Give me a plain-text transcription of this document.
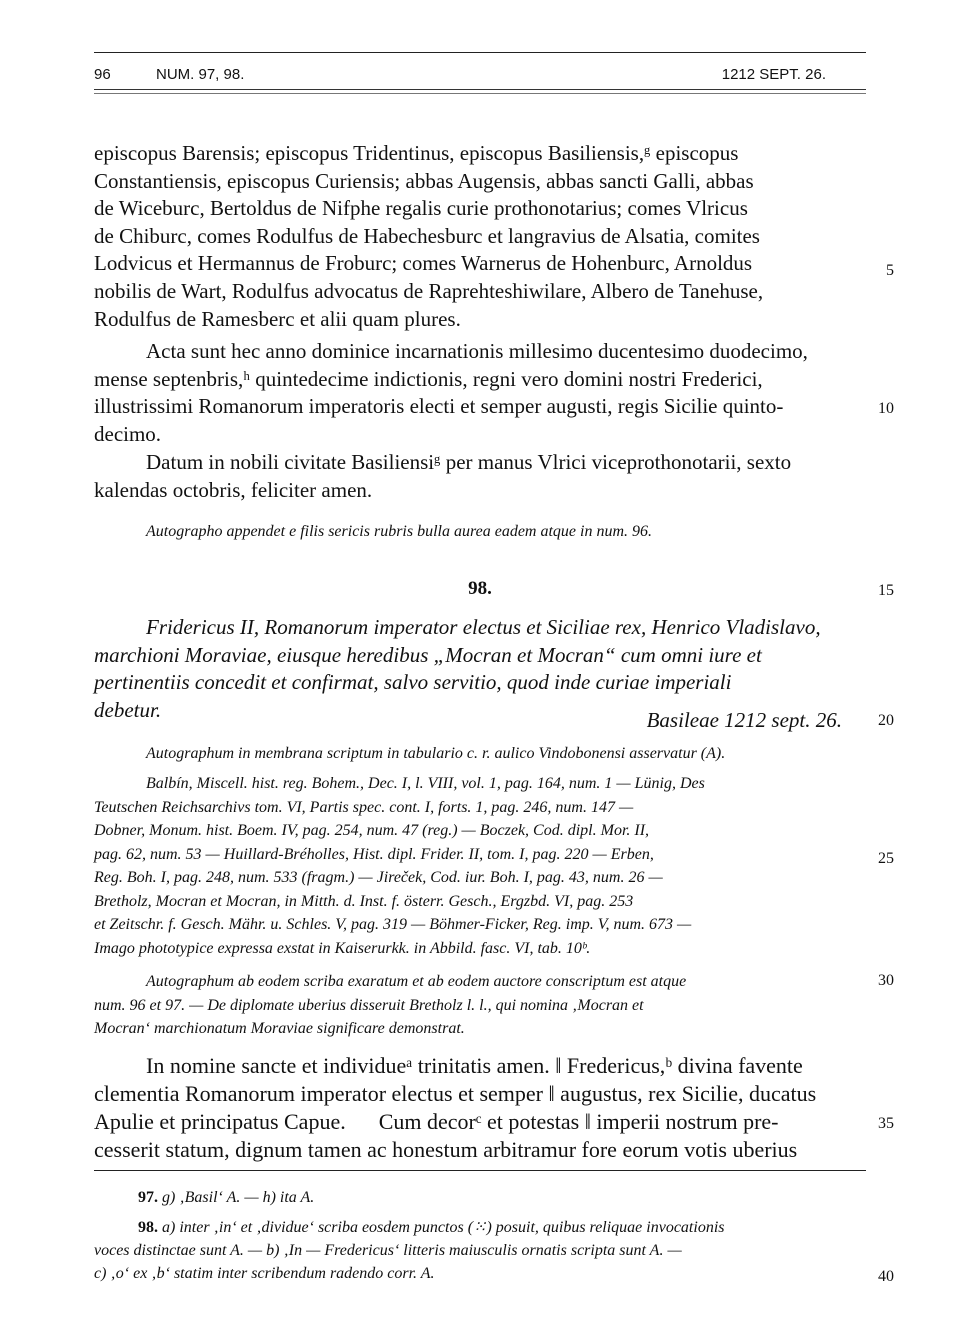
96	NUM. 97, 98.	1212 SEPT. 26.

episcopus Barensis; episcopus Tridentinus, episcopus Basiliensis,ᵍ episcopus

Constantiensis, episcopus Curiensis; abbas Augensis, abbas sancti Galli, abbas

de Wiceburc, Bertoldus de Nifphe regalis curie prothonotarius; comes Vlricus

de Chiburc, comes Rodulfus de Habechesburc et langravius de Alsatia, comites

Lodvicus et Hermannus de Froburc; comes Warnerus de Hohenburc, Arnoldus

nobilis de Wart, Rodulfus advocatus de Raprehteshiwilare, Albero de Tanehuse,

Rodulfus de Ramesberc et alii quam plures.

5

Acta sunt hec anno dominice incarnationis millesimo ducentesimo duodecimo,

mense septenbris,ʰ quintedecime indictionis, regni vero domini nostri Frederici,

illustrissimi Romanorum imperatoris electi et semper augusti, regis Sicilie quinto-

decimo.

10

Datum in nobili civitate Basiliensiᵍ per manus Vlrici viceprothonotarii, sexto

kalendas octobris, feliciter amen.

Autographo appendet e filis sericis rubris bulla aurea eadem atque in num. 96.
98.	15

Fridericus II, Romanorum imperator electus et Siciliae rex, Henrico Vladislavo,

marchioni Moraviae, eiusque heredibus „Mocran et Mocran“ cum omni iure et

pertinentiis concedit et confirmat, salvo servitio, quod inde curiae imperiali

debetur.	Basileae 1212 sept. 26. 20
Autographum in membrana scriptum in tabulario c. r. aulico Vindobonensi asservatur (A).

Balbín, Miscell. hist. reg. Bohem., Dec. I, l. VIII, vol. 1, pag. 164, num. 1 — Lünig, Des

Teutschen Reichsarchivs tom. VI, Partis spec. cont. I, forts. 1, pag. 246, num. 147 —

Dobner, Monum. hist. Boem. IV, pag. 254, num. 47 (reg.) — Boczek, Cod. dipl. Mor. II,

pag. 62, num. 53 — Huillard-Bréholles, Hist. dipl. Frider. II, tom. I, pag. 220 — Erben,

Reg. Boh. I, pag. 248, num. 533 (fragm.) — Jireček, Cod. iur. Boh. I, pag. 43, num. 26 —

Bretholz, Mocran et Mocran, in Mitth. d. Inst. f. österr. Gesch., Ergzbd. VI, pag. 253

et Zeitschr. f. Gesch. Mähr. u. Schles. V, pag. 319 — Böhmer-Ficker, Reg. imp. V, num. 673 —

Imago phototypice expressa exstat in Kaiserurkk. in Abbild. fasc. VI, tab. 10ᵇ.

25

Autographum ab eodem scriba exaratum et ab eodem auctore conscriptum est atque

num. 96 et 97. — De diplomate uberius disseruit Bretholz l. l., qui nomina ‚Mocran et

Mocran‘ marchionatum Moraviae significare demonstrat.

30

In nomine sancte et individueᵃ trinitatis amen. ‖ Fredericus,ᵇ divina favente

clementia Romanorum imperator electus et semper ‖ augustus, rex Sicilie, ducatus

Apulie et principatus Capue.      Cum decorᶜ et potestas ‖ imperii nostrum pre-

cesserit statum, dignum tamen ac honestum arbitramur fore eorum votis uberius

35
97. g) ‚Basil‘ A. — h) ita A.
98. a) inter ‚in‘ et ‚dividue‘ scriba eosdem punctos (⁙) posuit, quibus reliquae invocationis
voces distinctae sunt A. — b) ‚In — Fredericus‘ litteris maiusculis ornatis scripta sunt A. —
c) ‚o‘ ex ‚b‘ statim inter scribendum radendo corr. A.	40
